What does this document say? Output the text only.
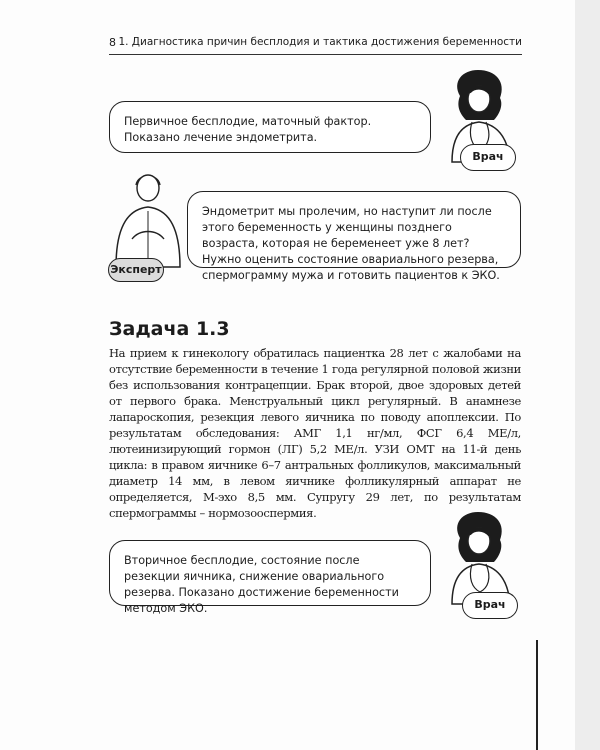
8 1. Диагностика причин бесплодия и тактика достижения беременности

Первичное бесплодие, маточный фактор. Показано лечение эндометрита.

Врач
Эксперт

Эндометрит мы пролечим, но наступит ли после этого беременность у женщины позднего возраста, которая не беременеет уже 8 лет? Нужно оценить состояние овариального резерва, спермограмму мужа и готовить пациентов к ЭКО.

Задача 1.3

На прием к гинекологу обратилась пациентка 28 лет с жалобами на отсутствие беременности в течение 1 года регулярной половой жизни без использования контрацепции. Брак второй, двое здоровых детей от первого брака. Менструальный цикл регулярный. В анамнезе лапароскопия, резекция левого яичника по поводу апоплексии. По результатам обследования: АМГ 1,1 нг/мл, ФСГ 6,4 МЕ/л, лютеинизирующий гормон (ЛГ) 5,2 МЕ/л. УЗИ ОМТ на 11-й день цикла: в правом яичнике 6–7 антральных фолликулов, максимальный диаметр 14 мм, в левом яичнике фолликулярный аппарат не определяется, М-эхо 8,5 мм. Супругу 29 лет, по результатам спермограммы – нормозооспермия.

Вторичное бесплодие, состояние после резекции яичника, снижение овариального резерва. Показано достижение беременности методом ЭКО.	Врач
